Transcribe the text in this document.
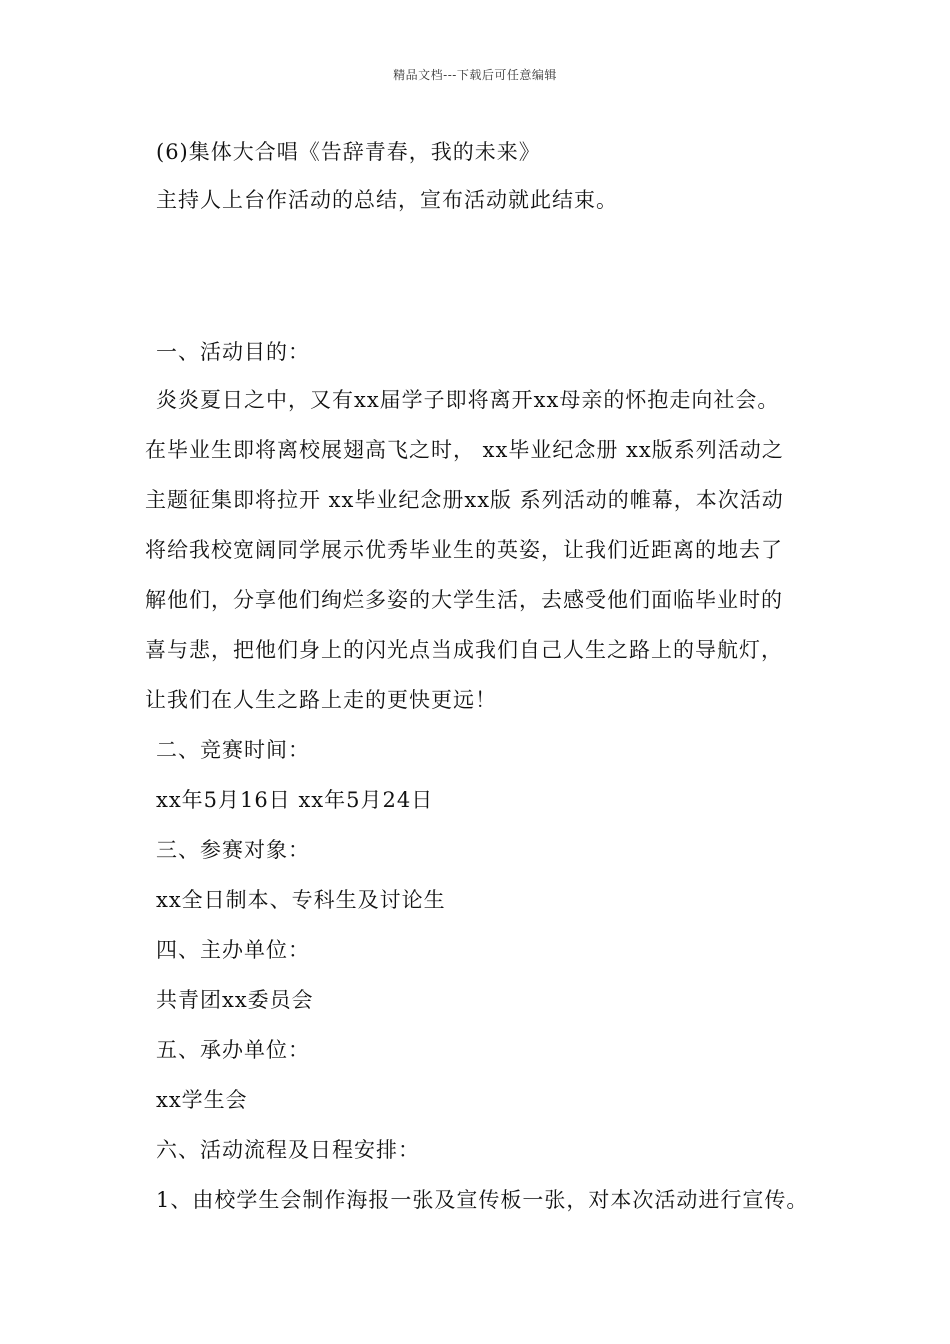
精品文档---下载后可任意编辑
(6)集体大合唱《告辞青春，我的未来》
主持人上台作活动的总结，宣布活动就此结束。
一、活动目的：
炎炎夏日之中，又有xx届学子即将离开xx母亲的怀抱走向社会。
在毕业生即将离校展翅高飞之时， xx毕业纪念册 xx版系列活动之
主题征集即将拉开 xx毕业纪念册xx版 系列活动的帷幕，本次活动
将给我校宽阔同学展示优秀毕业生的英姿，让我们近距离的地去了
解他们，分享他们绚烂多姿的大学生活，去感受他们面临毕业时的
喜与悲，把他们身上的闪光点当成我们自己人生之路上的导航灯，
让我们在人生之路上走的更快更远！
二、竞赛时间：
xx年5月16日 xx年5月24日
三、参赛对象：
xx全日制本、专科生及讨论生
四、主办单位：
共青团xx委员会
五、承办单位：
xx学生会
六、活动流程及日程安排：
1、由校学生会制作海报一张及宣传板一张，对本次活动进行宣传。
